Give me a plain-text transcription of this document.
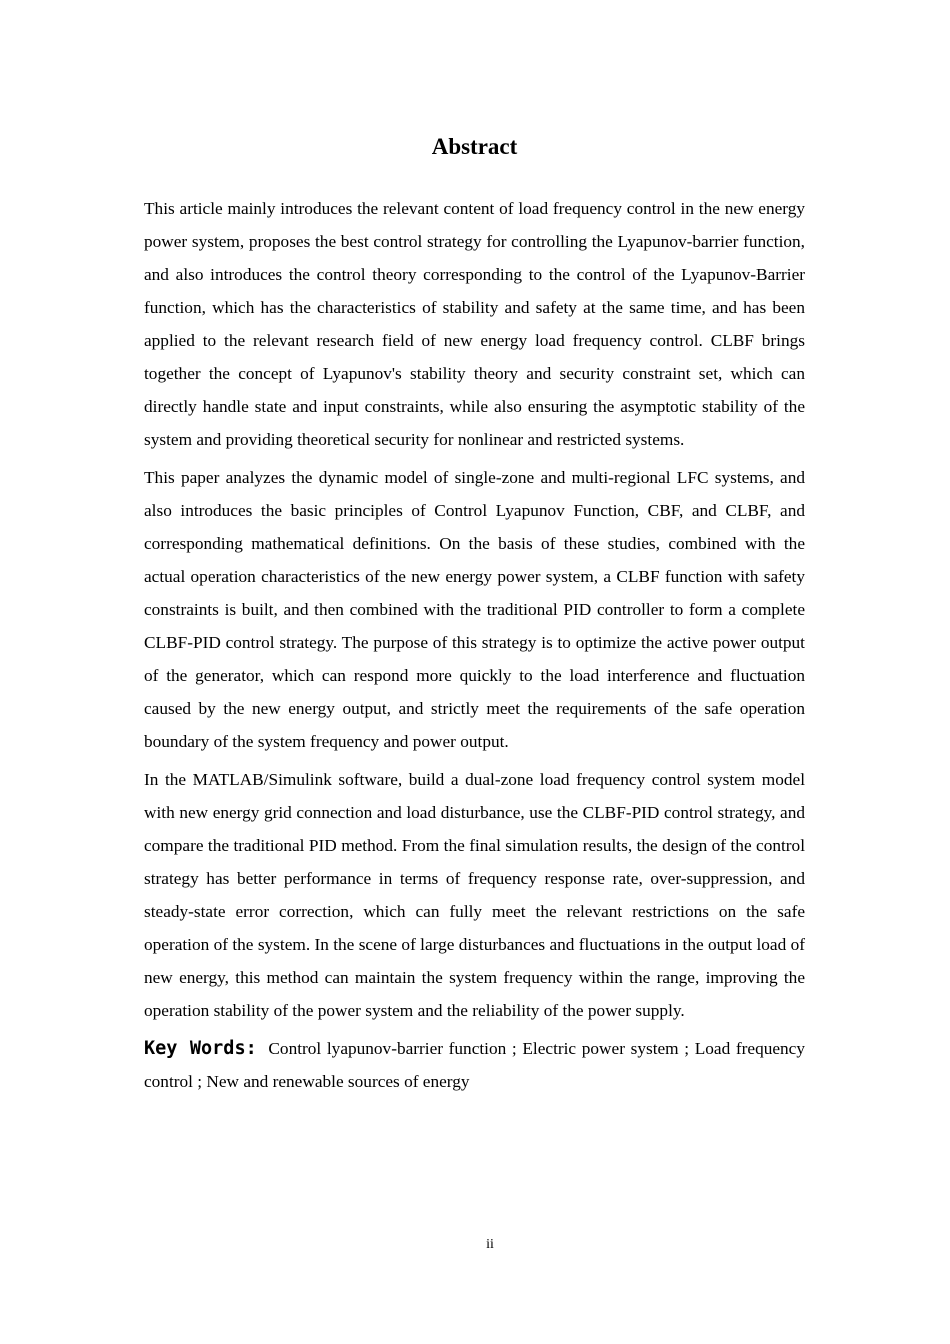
Abstract

This article mainly introduces the relevant content of load frequency control in the new energy power system, proposes the best control strategy for controlling the Lyapunov-barrier function, and also introduces the control theory corresponding to the control of the Lyapunov-Barrier function, which has the characteristics of stability and safety at the same time, and has been applied to the relevant research field of new energy load frequency control. CLBF brings together the concept of Lyapunov's stability theory and security constraint set, which can directly handle state and input constraints, while also ensuring the asymptotic stability of the system and providing theoretical security for nonlinear and restricted systems.

This paper analyzes the dynamic model of single-zone and multi-regional LFC systems, and also introduces the basic principles of Control Lyapunov Function, CBF, and CLBF, and corresponding mathematical definitions. On the basis of these studies, combined with the actual operation characteristics of the new energy power system, a CLBF function with safety constraints is built, and then combined with the traditional PID controller to form a complete CLBF-PID control strategy. The purpose of this strategy is to optimize the active power output of the generator, which can respond more quickly to the load interference and fluctuation caused by the new energy output, and strictly meet the requirements of the safe operation boundary of the system frequency and power output.

In the MATLAB/Simulink software, build a dual-zone load frequency control system model with new energy grid connection and load disturbance, use the CLBF-PID control strategy, and compare the traditional PID method. From the final simulation results, the design of the control strategy has better performance in terms of frequency response rate, over-suppression, and steady-state error correction, which can fully meet the relevant restrictions on the safe operation of the system. In the scene of large disturbances and fluctuations in the output load of new energy, this method can maintain the system frequency within the range, improving the operation stability of the power system and the reliability of the power supply.

Key Words: Control lyapunov-barrier function ; Electric power system ; Load frequency control ; New and renewable sources of energy

ii
